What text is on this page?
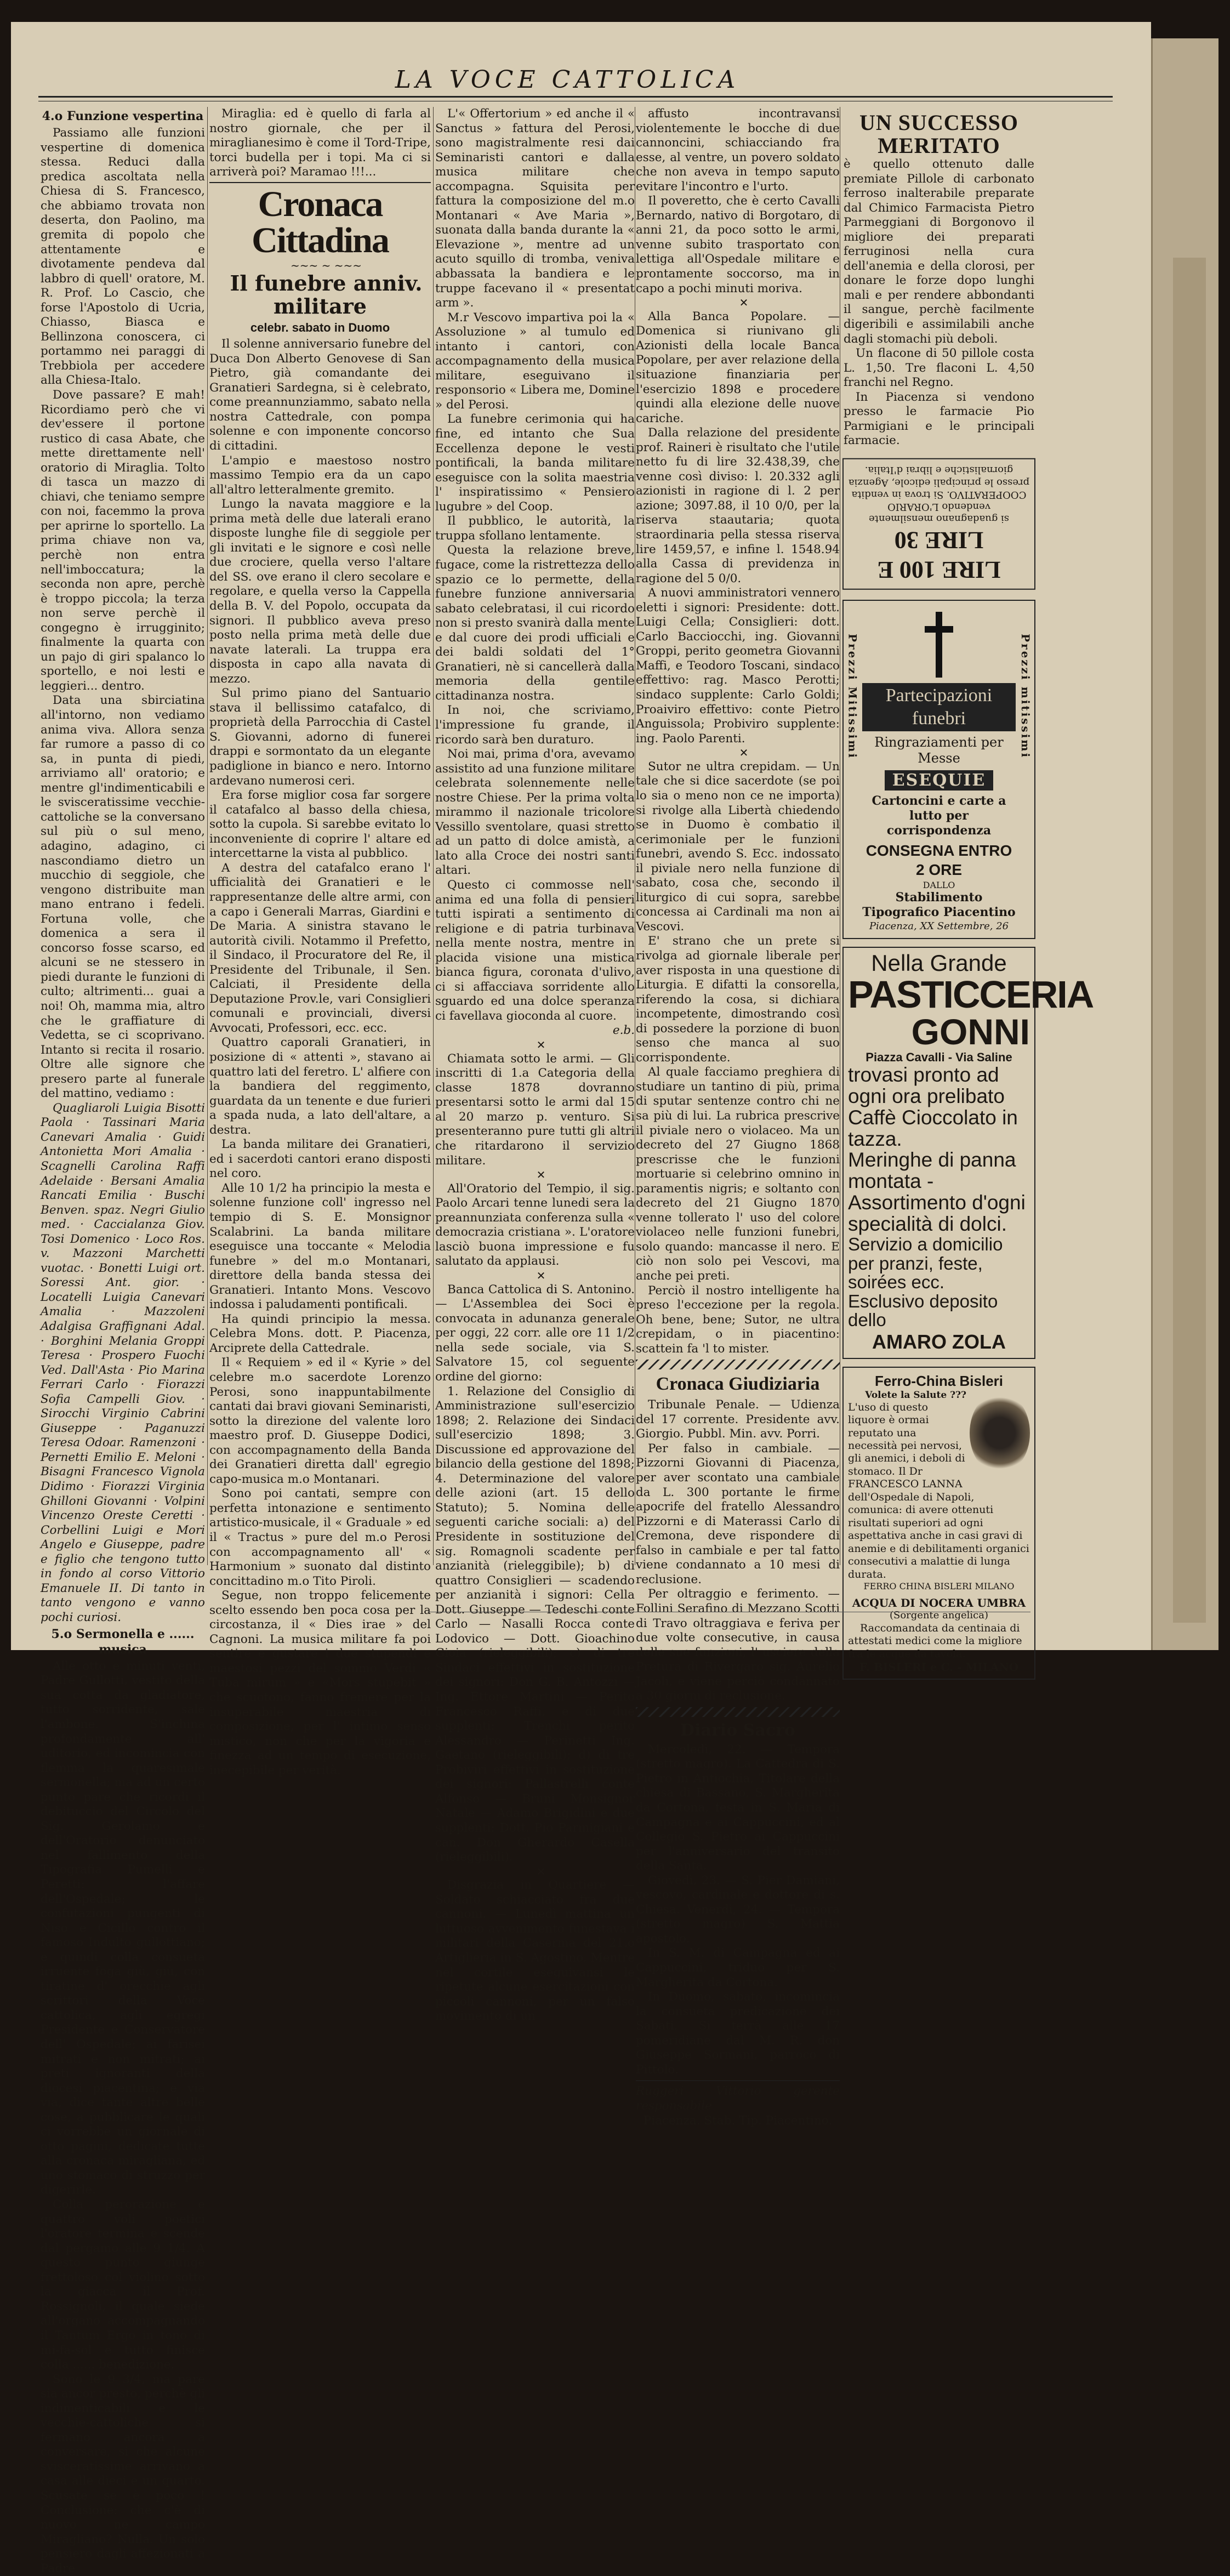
LA VOCE CATTOLICA

4.o Funzione vespertina

Passiamo alle funzioni vespertine di domenica stessa. Reduci dalla predica ascoltata nella Chiesa di S. Francesco, che abbiamo trovata non deserta, don Paolino, ma gremita di popolo che attentamente e divotamente pendeva dal labbro di quell' oratore, M. R. Prof. Lo Cascio, che forse l'Apostolo di Ucria, Chiasso, Biasca e Bellinzona conoscera, ci portammo nei paraggi di Trebbiola per accedere alla Chiesa-Italo.

Dove passare? E mah! Ricordiamo però che vi dev'essere il portone rustico di casa Abate, che mette direttamente nell' oratorio di Miraglia. Tolto di tasca un mazzo di chiavi, che teniamo sempre con noi, facemmo la prova per aprirne lo sportello. La prima chiave non va, perchè non entra nell'imboccatura; la seconda non apre, perchè è troppo piccola; la terza non serve perchè il congegno è irrugginito; finalmente la quarta con un pajo di giri spalanco lo sportello, e noi lesti e leggieri... dentro.

Data una sbirciatina all'intorno, non vediamo anima viva. Allora senza far rumore a passo di co sa, in punta di piedi, arriviamo all' oratorio; e mentre gl'indimenticabili e le svisceratissime vecchie-cattoliche se la conversano sul più o sul meno, adagino, adagino, ci nascondiamo dietro un mucchio di seggiole, che vengono distribuite man mano entrano i fedeli. Fortuna volle, che domenica a sera il concorso fosse scarso, ed alcuni se ne stessero in piedi durante le funzioni di culto; altrimenti... guai a noi! Oh, mamma mia, altro che le graffiature di Vedetta, se ci scoprivano. Intanto si recita il rosario. Oltre alle signore che presero parte al funerale del mattino, vediamo :

Quagliaroli Luigia Bisotti Paola · Tassinari Maria Canevari Amalia · Guidi Antonietta Mori Amalia · Scagnelli Carolina Raffi Adelaide · Bersani Amalia Rancati Emilia · Buschi Benven. spaz. Negri Giulio med. · Caccialanza Giov. Tosi Domenico · Loco Ros. v. Mazzoni Marchetti vuotac. · Bonetti Luigi ort. Soressi Ant. gior. · Locatelli Luigia Canevari Amalia · Mazzoleni Adalgisa Graffignani Adal. · Borghini Melania Groppi Teresa · Prospero Fuochi Ved. Dall'Asta · Pio Marina Ferrari Carlo · Fiorazzi Sofia Campelli Giov. · Sirocchi Virginio Cabrini Giuseppe · Paganuzzi Teresa Odoar. Ramenzoni · Pernetti Emilio E. Meloni · Bisagni Francesco Vignola Didimo · Fiorazzi Virginia Ghilloni Giovanni · Volpini Vincenzo Oreste Ceretti · Corbellini Luigi e Mori Angelo e Giuseppe, padre e figlio che tengono tutto in fondo al corso Vittorio Emanuele II. Di tanto in tanto vengono e vanno pochi curiosi.

5.o Sermonella e ...... musica

Alle otto e minuti venti, Padre Gullotti, vestito della sua cotta da gladiatore, tutto sorridente, sale l'ambone. S'inchina profondamente all' uditorio, ed incomincia con flemma la quaresimale sermonella; ma ad un certo punto pare che ricordi il debituccio del Circolo del Sig. Gerolamo e dell'Oratorio denunciato nel fallimento della Tipografia Pumelli e Peretti: l'affare dell'Ospedale; le confutazioni pungenti di Niso e Cicillo contro il famoso Indulto gullottiano; e quindi colla consueta irruente foga giù, giù, con tiratine d' orecchie agli scrittori della Voce cattolica, agli egregi Presidente e Conservatore dell' Ospedale; ai farisei mitrati e non mitrati; ai preti ignoranti della diocesi piacentina; e via via, dice tante altre belle cose, a pubblicare le quali ci vorrebbe un giornale di otto pagini, dedicate tutte alla cronaca miragliana, ed uno stomaco di struzzo per digerirle.

Colla perorazione e quattro voli poetici l'oratore termina e scende dal pergamo alle 9 1/4. A questo punto giunge frettoloso col violino sotto la giacca il Prof. Rossignoli, il quale siede all'organo accompagnando il Tantum Ergo in tono di mi-fa-sol e tutto finisce colla ...... benedizione.

Sono le 9 3/4, ma pare sia ancor presto, perchè gli indimenticabili e le vecchie-cattoliche si fermano ancora a conversare, si che alcune svisceratissime arrivano a casa alle dieci e un quarto. Scusate se è poco ! Conclusione: che c'è di nuovo ne campo Miragliano? Nulla. Un solo pensiero dagli affezionati a Padre

Miraglia: ed è quello di farla al nostro giornale, che per il miraglianesimo è come il Tord-Tripe, torci budella per i topi. Ma ci si arriverà poi? Maramao !!!...

Cronaca Cittadina

~~~ ~ ~~~

Il funebre anniv. militare

celebr. sabato in Duomo

Il solenne anniversario funebre del Duca Don Alberto Genovese di San Pietro, già comandante dei Granatieri Sardegna, si è celebrato, come preannunziammo, sabato nella nostra Cattedrale, con pompa solenne e con imponente concorso di cittadini.

L'ampio e maestoso nostro massimo Tempio era da un capo all'altro letteralmente gremito.

Lungo la navata maggiore e la prima metà delle due laterali erano disposte lunghe file di seggiole per gli invitati e le signore e così nelle due crociere, quella verso l'altare del SS. ove erano il clero secolare e regolare, e quella verso la Cappella della B. V. del Popolo, occupata da signori. Il pubblico aveva preso posto nella prima metà delle due navate laterali. La truppa era disposta in capo alla navata di mezzo.

Sul primo piano del Santuario stava il bellissimo catafalco, di proprietà della Parrocchia di Castel S. Giovanni, adorno di funerei drappi e sormontato da un elegante padiglione in bianco e nero. Intorno ardevano numerosi ceri.

Era forse miglior cosa far sorgere il catafalco al basso della chiesa, sotto la cupola. Si sarebbe evitato lo inconveniente di coprire l' altare ed intercettarne la vista al pubblico.

A destra del catafalco erano l' ufficialità dei Granatieri e le rappresentanze delle altre armi, con a capo i Generali Marras, Giardini e De Maria. A sinistra stavano le autorità civili. Notammo il Prefetto, il Sindaco, il Procuratore del Re, il Presidente del Tribunale, il Sen. Calciati, il Presidente della Deputazione Prov.le, vari Consiglieri comunali e provinciali, diversi Avvocati, Professori, ecc. ecc.

Quattro caporali Granatieri, in posizione di « attenti », stavano ai quattro lati del feretro. L' alfiere con la bandiera del reggimento, guardata da un tenente e due furieri a spada nuda, a lato dell'altare, a destra.

La banda militare dei Granatieri, ed i sacerdoti cantori erano disposti nel coro.

Alle 10 1/2 ha principio la mesta e solenne funzione coll' ingresso nel tempio di S. E. Monsignor Scalabrini. La banda militare eseguisce una toccante « Melodia funebre » del m.o Montanari, direttore della banda stessa dei Granatieri. Intanto Mons. Vescovo indossa i paludamenti pontificali.

Ha quindi principio la messa. Celebra Mons. dott. P. Piacenza, Arciprete della Cattedrale.

Il « Requiem » ed il « Kyrie » del celebre m.o sacerdote Lorenzo Perosi, sono inappuntabilmente cantati dai bravi giovani Seminaristi, sotto la direzione del valente loro maestro prof. D. Giuseppe Dodici, con accompagnamento della Banda dei Granatieri diretta dall' egregio capo-musica m.o Montanari.

Sono poi cantati, sempre con perfetta intonazione e sentimento artistico-musicale, il « Graduale » ed il « Tractus » pure del m.o Perosi con accompagnamento all' « Harmonium » suonato dal distinto concittadino m.o Tito Piroli.

Segue, non troppo felicemente scelto essendo ben poca cosa per la circostanza, il « Dies irae » del Cagnoni. La musica militare fa poi sentire e gustare i due stupendi e maestosi pezzi del sommo Verdi « Tuba mirum » e «Mors stupebit » che scuotono, fanno fremere per la insuperabile maestria di composizione, per l' intimo senso mistico, non che per la vigoria e finezza ad un tempo di esecuzione, inecepibile per verità.

L'« Offertorium » ed anche il « Sanctus » fattura del Perosi, sono magistralmente resi dai Seminaristi cantori e dalla musica militare che accompagna. Squisita per fattura la composizione del m.o Montanari « Ave Maria », suonata dalla banda durante la « Elevazione », mentre ad un acuto squillo di tromba, veniva abbassata la bandiera e le truppe facevano il « presentat arm ».

M.r Vescovo impartiva poi la « Assoluzione » al tumulo ed intanto i cantori, con accompagnamento della musica militare, eseguivano il responsorio « Libera me, Domine » del Perosi.

La funebre cerimonia qui ha fine, ed intanto che Sua Eccellenza depone le vesti pontificali, la banda militare eseguisce con la solita maestria l' inspiratissimo « Pensiero lugubre » del Coop.

Il pubblico, le autorità, la truppa sfollano lentamente.

Questa la relazione breve, fugace, come la ristrettezza dello spazio ce lo permette, della funebre funzione anniversaria sabato celebratasi, il cui ricordo non si presto svanirà dalla mente e dal cuore dei prodi ufficiali e dei baldi soldati del 1° Granatieri, nè si cancellerà dalla memoria della gentile cittadinanza nostra.

In noi, che scriviamo, l'impressione fu grande, il ricordo sarà ben duraturo.

Noi mai, prima d'ora, avevamo assistito ad una funzione militare celebrata solennemente nelle nostre Chiese. Per la prima volta mirammo il nazionale tricolore Vessillo sventolare, quasi stretto ad un patto di dolce amistà, a lato alla Croce dei nostri santi altari.

Questo ci commosse nell' anima ed una folla di pensieri tutti ispirati a sentimento di religione e di patria turbinava nella mente nostra, mentre in placida visione una mistica bianca figura, coronata d'ulivo, ci si affacciava sorridente allo sguardo ed una dolce speranza ci favellava gioconda al cuore.

e.b.

✕

Chiamata sotto le armi. — Gli inscritti di 1.a Categoria della classe 1878 dovranno presentarsi sotto le armi dal 15 al 20 marzo p. venturo. Si presenteranno pure tutti gli altri che ritardarono il servizio militare.

✕

All'Oratorio del Tempio, il sig. Paolo Arcari tenne lunedi sera la preannunziata conferenza sulla « democrazia cristiana ». L'oratore lasciò buona impressione e fu salutato da applausi.

✕

Banca Cattolica di S. Antonino. — L'Assemblea dei Soci è convocata in adunanza generale per oggi, 22 corr. alle ore 11 1/2 nella sede sociale, via S. Salvatore 15, col seguente ordine del giorno:

1. Relazione del Consiglio di Amministrazione sull'esercizio 1898; 2. Relazione dei Sindaci sull'esercizio 1898; 3. Discussione ed approvazione del bilancio della gestione del 1898; 4. Determinazione del valore delle azioni (art. 15 dello Statuto); 5. Nomina delle seguenti cariche sociali: a) del Presidente in sostituzione del sig. Romagnoli scadente per anzianità (rieleggibile); b) di quattro Consiglieri — scadendo per anzianità i signori: Cella Dott. Giuseppe — Tedeschi conte Carlo — Nasalli Rocca conte Lodovico — Dott. Gioachino Gioia (rieleggibili); c) di tre Sindaci effettivi in sostituzione dei signori: Don G. B. Antozzi — Ing. Ettore Martini — Perito Francesco Raffi, e di due supplenti: Trenchi perito Alessandro — Perinetti Ing. Gaetano (rieleggibili); d) di tre Probiviri effettivi in sostituzione dei signori: Pallastrelli conte Alfonso — Bruni Monsignor Natale — Adamo Brigidini e due supplenti: Dott. Pio Parmigiani e can. Don Gherardo Casella (rieleggibili).

✕

Disgrazia in Quartiere — Soldato schiacciato fra due cannoni. — Lunedì mattina un luttuoso avvenimento funestava i militari della Caserma del 21.o Artiglieria in S. Agostino. Mentre nel cortile eseguivansi le ripetute alcune esercitazioni con piccoli cannoni, per un falso movimento di un

affusto incontravansi violentemente le bocche di due cannoncini, schiacciando fra esse, al ventre, un povero soldato che non aveva in tempo saputo evitare l'incontro e l'urto.

Il poveretto, che è certo Cavalli Bernardo, nativo di Borgotaro, di anni 21, da poco sotto le armi, venne subito trasportato con lettiga all'Ospedale militare e prontamente soccorso, ma in capo a pochi minuti moriva.

✕

Alla Banca Popolare. — Domenica si riunivano gli Azionisti della locale Banca Popolare, per aver relazione della situazione finanziaria per l'esercizio 1898 e procedere quindi alla elezione delle nuove cariche.

Dalla relazione del presidente prof. Raineri è risultato che l'utile netto fu di lire 32.438,39, che venne così diviso: l. 20.332 agli azionisti in ragione di l. 2 per azione; 3097.88, il 10 0/0, per la riserva staautaria; quota straordinaria pella stessa riserva lire 1459,57, e infine l. 1548.94 alla Cassa di previdenza in ragione del 5 0/0.

A nuovi amministratori vennero eletti i signori: Presidente: dott. Luigi Cella; Consiglieri: dott. Carlo Bacciocchi, ing. Giovanni Groppi, perito geometra Giovanni Maffi, e Teodoro Toscani, sindaco effettivo: rag. Masco Perotti; sindaco supplente: Carlo Goldi; Proaiviro effettivo: conte Pietro Anguissola; Probiviro supplente: ing. Paolo Parenti.

✕

Sutor ne ultra crepidam. — Un tale che si dice sacerdote (se poi lo sia o meno non ce ne importa) si rivolge alla Libertà chiedendo se in Duomo è combatio il cerimoniale per le funzioni funebri, avendo S. Ecc. indossato il piviale nero nella funzione di sabato, cosa che, secondo il liturgico di cui sopra, sarebbe concessa ai Cardinali ma non ai Vescovi.

E' strano che un prete si rivolga ad giornale liberale per aver risposta in una questione di Liturgia. E difatti la consorella, riferendo la cosa, si dichiara incompetente, dimostrando così di possedere la porzione di buon senso che manca al suo corrispondente.

Al quale facciamo preghiera di studiare un tantino di più, prima di sputar sentenze contro chi ne sa più di lui. La rubrica prescrive il piviale nero o violaceo. Ma un decreto del 27 Giugno 1868 prescrisse che le funzioni mortuarie si celebrino omnino in paramentis nigris; e soltanto con decreto del 21 Giugno 1870 venne tollerato l' uso del colore violaceo nelle funzioni funebri, solo quando: mancasse il nero. E ciò non solo pei Vescovi, ma anche pei preti.

Perciò il nostro intelligente ha preso l'eccezione per la regola. Oh bene, bene; Sutor, ne ultra crepidam, o in piacentino: scattein fa 'l to mister.

Cronaca Giudiziaria

Tribunale Penale. — Udienza del 17 corrente. Presidente avv. Giorgio. Pubbl. Min. avv. Porri.

Per falso in cambiale. — Pizzorni Giovanni di Piacenza, per aver scontato una cambiale da L. 300 portante le firme apocrife del fratello Alessandro Pizzorni e di Materassi Carlo di Cremona, deve rispondere di falso in cambiale e per tal fatto viene condannato a 10 mesi di reclusione.

Per oltraggio e ferimento. — Follini Serafino di Mezzano Scotti di Travo oltraggiava e feriva per due volte consecutive, in causa delle sue funzioni, l' usciere della Pretura di Rivergaro sig. Aurelio Jacoli, e viene perciò condannato a 30 giorni di reclusione.

Diario Sacro

Mercoledì, 22. — Tempora (stretto magro). La Cattedra di S. Pietro in Antiochia, Titolare della chiesa di Bassano, S. Margherita da Cortona, festa in S. Maria di Campagna e ai Cappuccini, ed al Collegio S. Pietro ai Cappuccini per l'anniversario del transito della Santa.

Giovedì, 23. — S. Pier Damiani, vescovo, cardinale e dottore di s. Chiesa. Venerdì, 24. — Tempora (stretto magro) S. Mattia apostolo.

In S. M. di Campagna ed ai Cappuccini, triduo per S. Margherita da Cortona.

In Duomo, sabato, incomincia la consueta predicazione dei Sabati. Si terrà alle 17 pomeridiane dal M. R. don Giuseppe Sormani, parroco di Pittolo.

Ruggeri Vittorio gerente responsabile

Piacenza. Stab. Tip. Piacentino.

UN SUCCESSO MERITATO

è quello ottenuto dalle premiate Pillole di carbonato ferroso inalterabile preparate dal Chimico Farmacista Pietro Parmeggiani di Borgonovo il migliore dei preparati ferruginosi nella cura dell'anemia e della clorosi, per donare le forze dopo lunghi mali e per rendere abbondanti il sangue, perchè facilmente digeribili e assimilabili anche dagli stomachi più deboli.

Un flacone di 50 pillole costa L. 1,50. Tre flaconi L. 4,50 franchi nel Regno.

In Piacenza si vendono presso le farmacie Pio Parmigiani e le principali farmacie.

LIRE 100 E LIRE 30

si guadagnano mensilmente vendendo L'ORARIO COOPERATIVO. Si trova in vendita presso le principali edicole, Agenzia giornalistiche e librai d'Italia.

Prezzi Mitissimi	Prezzi mitissimi
Partecipazioni funebri
Ringraziamenti per Messe
ESEQUIE
Cartoncini e carte a lutto per corrispondenza
CONSEGNA ENTRO 2 ORE
DALLO
Stabilimento Tipografico Piacentino
Piacenza, XX Settembre, 26
Nella Grande
PASTICCERIA
GONNI
Piazza Cavalli - Via Saline
trovasi pronto ad ogni ora prelibato Caffè Cioccolato in tazza.
Meringhe di panna montata - Assortimento d'ogni specialità di dolci.
Servizio a domicilio per pranzi, feste, soirées ecc.
Esclusivo deposito dello
AMARO ZOLA
Ferro-China Bisleri
Volete la Salute ???

L'uso di questo liquore è ormai reputato una necessità pei nervosi, gli anemici, i deboli di stomaco. Il Dr FRANCESCO LANNA dell'Ospedale di Napoli, comunica: di avere ottenuti risultati superiori ad ogni aspettativa anche in casi gravi di anemie e di debilitamenti organici consecutivi a malattie di lunga durata.

FERRO CHINA BISLERI MILANO
ACQUA DI NOCERA UMBRA
(Sorgente angelica)

Raccomandata da centinaia di attestati medici come la migliore fra le acque da tavola.

F. BISLERI e C. - MILANO
